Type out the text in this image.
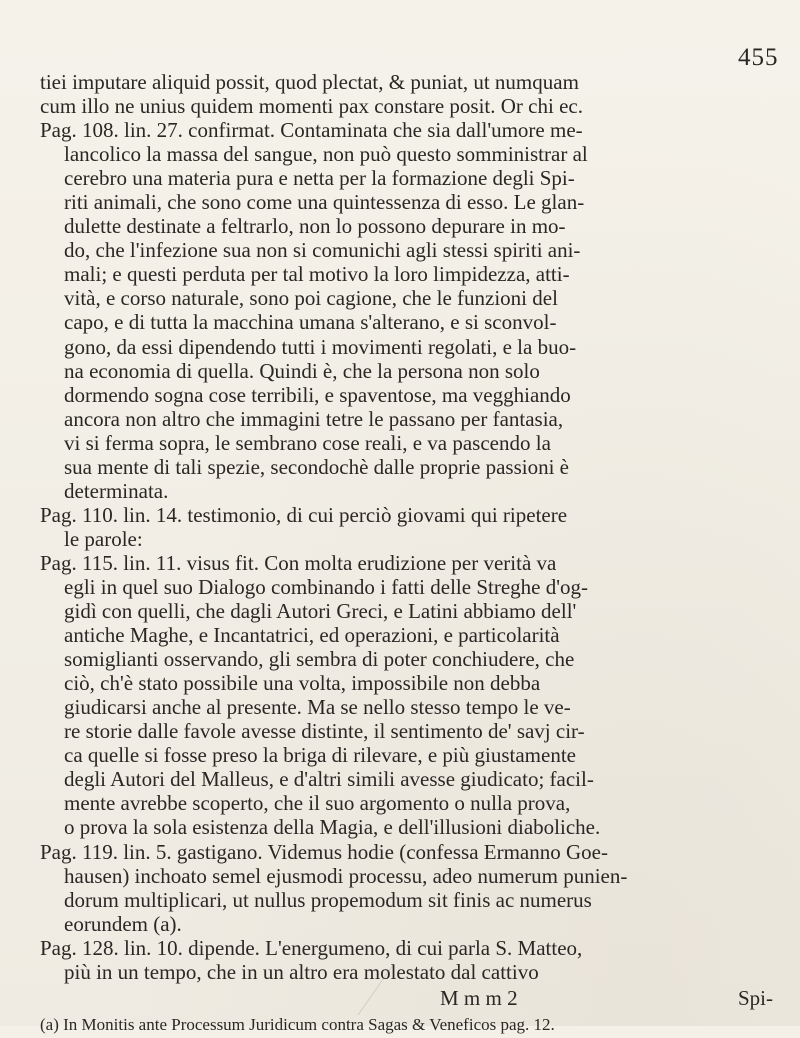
455
tiei imputare aliquid possit, quod plectat, & puniat, ut numquam
cum illo ne unius quidem momenti pax constare posit. Or chi ec.
Pag. 108. lin. 27. confirmat. Contaminata che sia dall'umore me-
lancolico la massa del sangue, non può questo somministrar al
cerebro una materia pura e netta per la formazione degli Spi-
riti animali, che sono come una quintessenza di esso. Le glan-
dulette destinate a feltrarlo, non lo possono depurare in mo-
do, che l'infezione sua non si comunichi agli stessi spiriti ani-
mali; e questi perduta per tal motivo la loro limpidezza, atti-
vità, e corso naturale, sono poi cagione, che le funzioni del
capo, e di tutta la macchina umana s'alterano, e si sconvol-
gono, da essi dipendendo tutti i movimenti regolati, e la buo-
na economia di quella. Quindi è, che la persona non solo
dormendo sogna cose terribili, e spaventose, ma vegghiando
ancora non altro che immagini tetre le passano per fantasia,
vi si ferma sopra, le sembrano cose reali, e va pascendo la
sua mente di tali spezie, secondochè dalle proprie passioni è
determinata.
Pag. 110. lin. 14. testimonio, di cui perciò giovami qui ripetere
le parole:
Pag. 115. lin. 11. visus fit. Con molta erudizione per verità va
egli in quel suo Dialogo combinando i fatti delle Streghe d'og-
gidì con quelli, che dagli Autori Greci, e Latini abbiamo dell'
antiche Maghe, e Incantatrici, ed operazioni, e particolarità
somiglianti osservando, gli sembra di poter conchiudere, che
ciò, ch'è stato possibile una volta, impossibile non debba
giudicarsi anche al presente. Ma se nello stesso tempo le ve-
re storie dalle favole avesse distinte, il sentimento de' savj cir-
ca quelle si fosse preso la briga di rilevare, e più giustamente
degli Autori del Malleus, e d'altri simili avesse giudicato; facil-
mente avrebbe scoperto, che il suo argomento o nulla prova,
o prova la sola esistenza della Magia, e dell'illusioni diaboliche.
Pag. 119. lin. 5. gastigano. Videmus hodie (confessa Ermanno Goe-
hausen) inchoato semel ejusmodi processu, adeo numerum punien-
dorum multiplicari, ut nullus propemodum sit finis ac numerus
eorundem (a).
Pag. 128. lin. 10. dipende. L'energumeno, di cui parla S. Matteo,
più in un tempo, che in un altro era molestato dal cattivo
M m m 2	Spi-
(a) In Monitis ante Processum Juridicum contra Sagas & Veneficos pag. 12.
